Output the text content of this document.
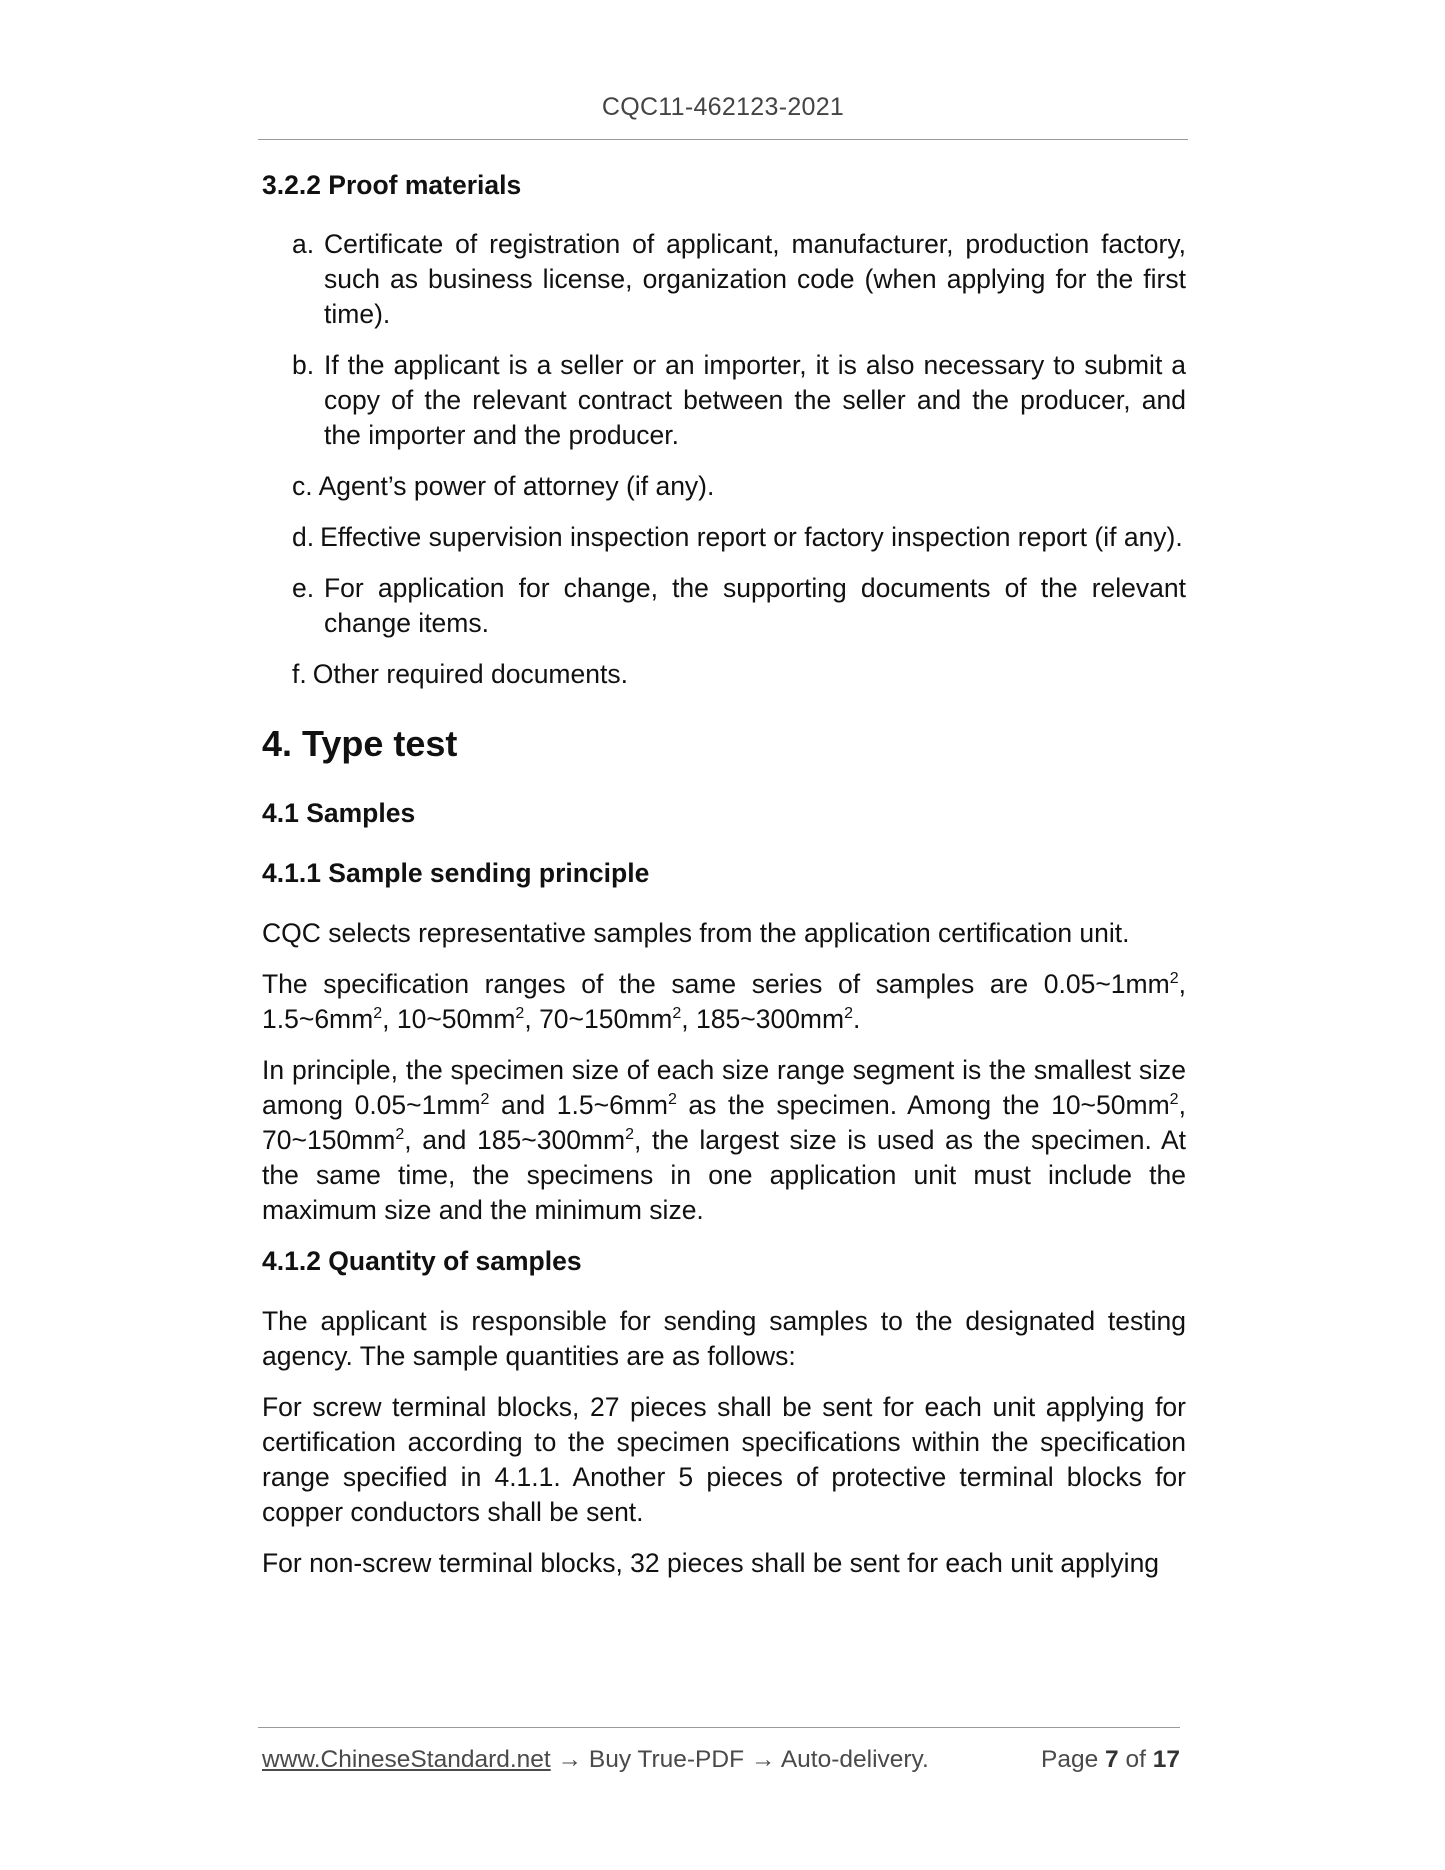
CQC11-462123-2021

3.2.2 Proof materials

a. Certificate of registration of applicant, manufacturer, production factory, such as business license, organization code (when applying for the first time).
b. If the applicant is a seller or an importer, it is also necessary to submit a copy of the relevant contract between the seller and the producer, and the importer and the producer.
c. Agent’s power of attorney (if any).
d. Effective supervision inspection report or factory inspection report (if any).
e. For application for change, the supporting documents of the relevant change items.
f. Other required documents.

4. Type test

4.1 Samples

4.1.1 Sample sending principle

CQC selects representative samples from the application certification unit.

The specification ranges of the same series of samples are $0.05\sim 1mm^2$, $1.5\sim 6mm^2$, $10\sim 50mm^2$, $70\sim 150mm^2$, $185\sim 300mm^2$.

In principle, the specimen size of each size range segment is the smallest size among $0.05\sim 1mm^2$ and $1.5\sim 6mm^2$ as the specimen. Among the $10\sim 50mm^2$, $70\sim 150mm^2$, and $185\sim 300mm^2$, the largest size is used as the specimen. At the same time, the specimens in one application unit must include the maximum size and the minimum size.

4.1.2 Quantity of samples

The applicant is responsible for sending samples to the designated testing agency. The sample quantities are as follows:

For screw terminal blocks, 27 pieces shall be sent for each unit applying for certification according to the specimen specifications within the specification range specified in 4.1.1. Another 5 pieces of protective terminal blocks for copper conductors shall be sent.

For non-screw terminal blocks, 32 pieces shall be sent for each unit applying

www.ChineseStandard.net → Buy True-PDF → Auto-delivery.	Page 7 of 17
